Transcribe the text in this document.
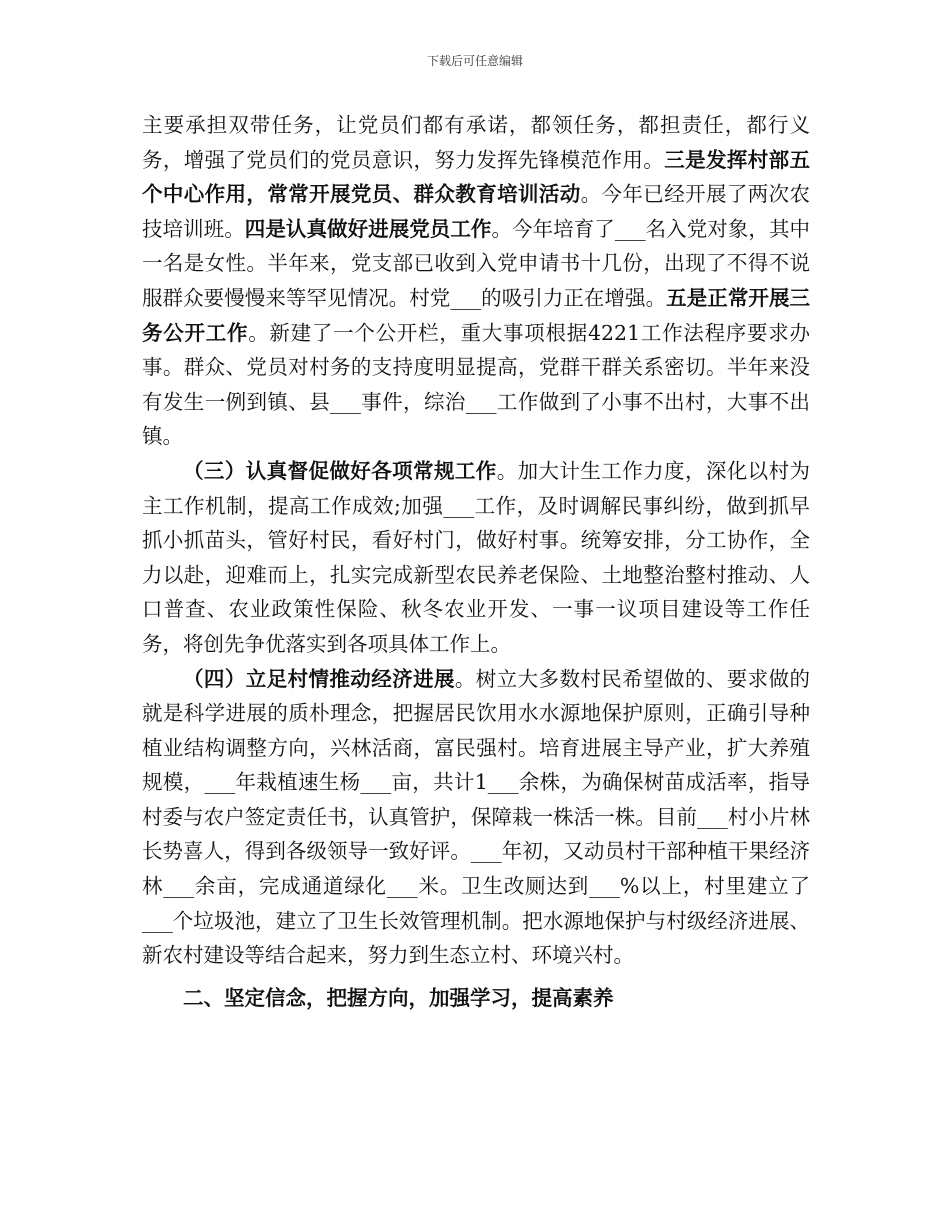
下载后可任意编辑

主要承担双带任务，让党员们都有承诺，都领任务，都担责任，都行义务，增强了党员们的党员意识，努力发挥先锋模范作用。三是发挥村部五个中心作用，常常开展党员、群众教育培训活动。今年已经开展了两次农技培训班。四是认真做好进展党员工作。今年培育了___名入党对象，其中一名是女性。半年来，党支部已收到入党申请书十几份，出现了不得不说服群众要慢慢来等罕见情况。村党___的吸引力正在增强。五是正常开展三务公开工作。新建了一个公开栏，重大事项根据4221工作法程序要求办事。群众、党员对村务的支持度明显提高，党群干群关系密切。半年来没有发生一例到镇、县___事件，综治___工作做到了小事不出村，大事不出镇。

（三）认真督促做好各项常规工作。加大计生工作力度，深化以村为主工作机制，提高工作成效;加强___工作，及时调解民事纠纷，做到抓早抓小抓苗头，管好村民，看好村门，做好村事。统筹安排，分工协作，全力以赴，迎难而上，扎实完成新型农民养老保险、土地整治整村推动、人口普查、农业政策性保险、秋冬农业开发、一事一议项目建设等工作任务，将创先争优落实到各项具体工作上。

（四）立足村情推动经济进展。树立大多数村民希望做的、要求做的就是科学进展的质朴理念，把握居民饮用水水源地保护原则，正确引导种植业结构调整方向，兴林活商，富民强村。培育进展主导产业，扩大养殖规模，___年栽植速生杨___亩，共计1___余株，为确保树苗成活率，指导村委与农户签定责任书，认真管护，保障栽一株活一株。目前___村小片林长势喜人，得到各级领导一致好评。___年初，又动员村干部种植干果经济林___余亩，完成通道绿化___米。卫生改厕达到___%以上，村里建立了___个垃圾池，建立了卫生长效管理机制。把水源地保护与村级经济进展、新农村建设等结合起来，努力到生态立村、环境兴村。

二、坚定信念，把握方向，加强学习，提高素养
